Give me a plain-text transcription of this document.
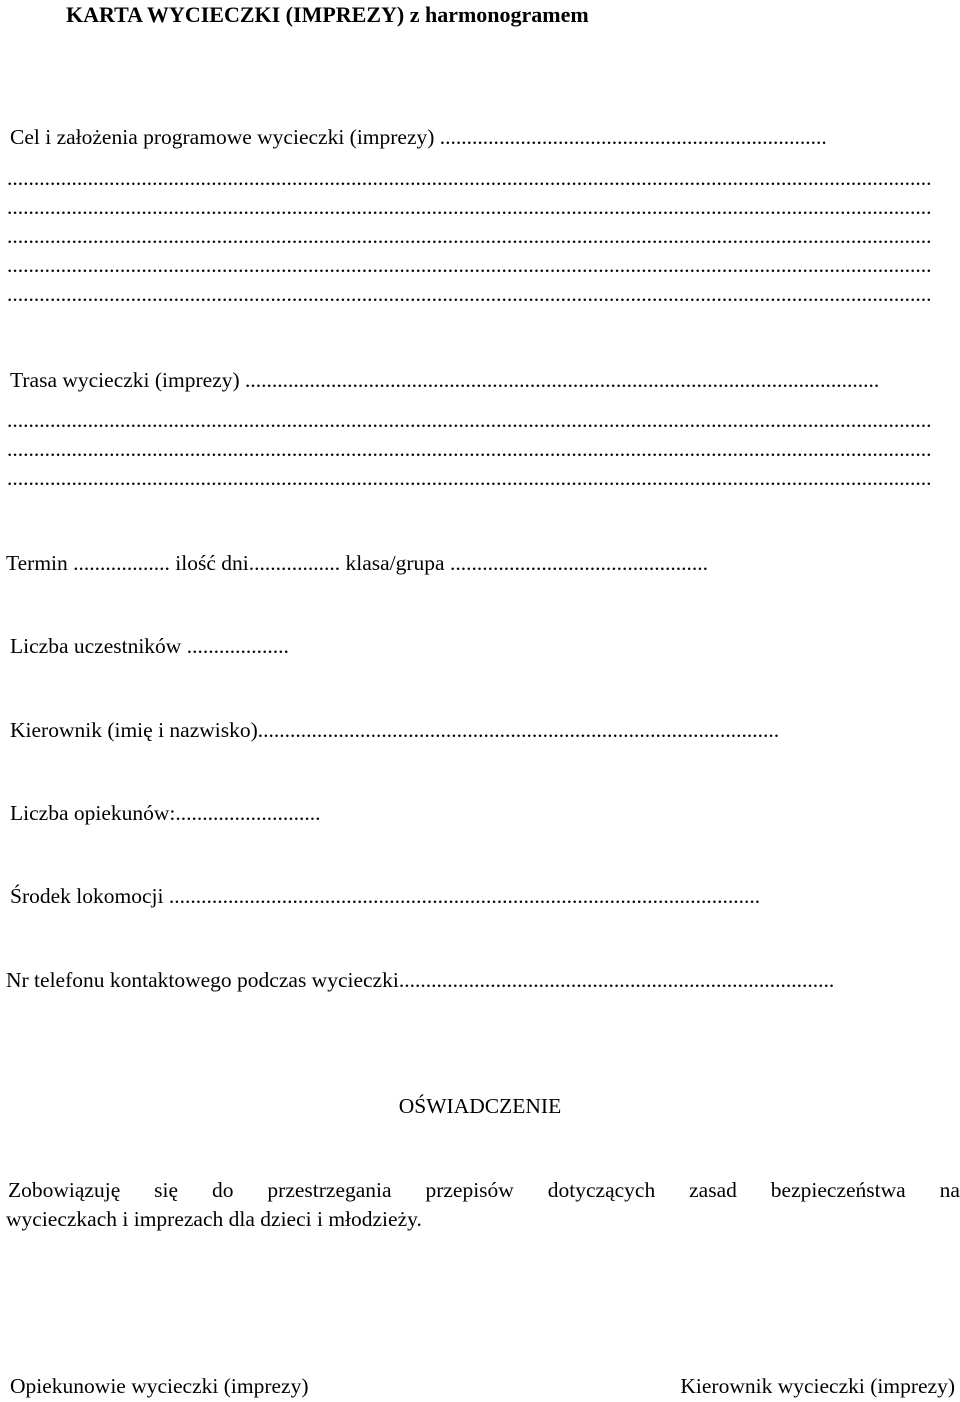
KARTA WYCIECZKI (IMPREZY) z harmonogramem
Cel i założenia programowe wycieczki (imprezy) ........................................................................
............................................................................................................................................................................
............................................................................................................................................................................
............................................................................................................................................................................
............................................................................................................................................................................
............................................................................................................................................................................
Trasa wycieczki (imprezy) ......................................................................................................................
............................................................................................................................................................................
............................................................................................................................................................................
............................................................................................................................................................................
Termin .................. ilość dni................. klasa/grupa ................................................
Liczba uczestników ...................
Kierownik (imię i nazwisko).................................................................................................
Liczba opiekunów:...........................
Środek lokomocji ..............................................................................................................
Nr telefonu kontaktowego podczas wycieczki.................................................................................
OŚWIADCZENIE
Zobowiązuję się do przestrzegania przepisów dotyczących zasad bezpieczeństwa na
wycieczkach i imprezach dla dzieci i młodzieży.
Opiekunowie wycieczki (imprezy)	Kierownik wycieczki (imprezy)
